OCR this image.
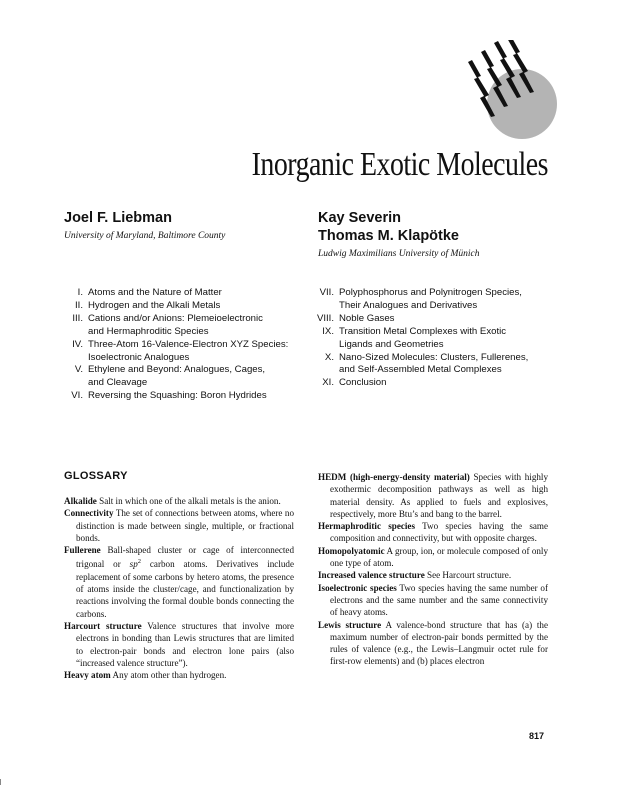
Inorganic Exotic Molecules
Joel F. Liebman
University of Maryland, Baltimore County
Kay Severin
Thomas M. Klapötke
Ludwig Maximilians University of Münich
I. Atoms and the Nature of Matter
II. Hydrogen and the Alkali Metals
III. Cations and/or Anions: Plemeioelectronic
and Hermaphroditic Species
IV. Three-Atom 16-Valence-Electron XYZ Species:
Isoelectronic Analogues
V. Ethylene and Beyond: Analogues, Cages,
and Cleavage
VI. Reversing the Squashing: Boron Hydrides
VII. Polyphosphorus and Polynitrogen Species,
Their Analogues and Derivatives
VIII. Noble Gases
IX. Transition Metal Complexes with Exotic
Ligands and Geometries
X. Nano-Sized Molecules: Clusters, Fullerenes,
and Self-Assembled Metal Complexes
XI. Conclusion
GLOSSARY

Alkalide Salt in which one of the alkali metals is the anion.

Connectivity The set of connections between atoms, where no distinction is made between single, multiple, or fractional bonds.

Fullerene Ball-shaped cluster or cage of interconnected trigonal or $sp^2$ carbon atoms. Derivatives include replacement of some carbons by hetero atoms, the presence of atoms inside the cluster/cage, and functionalization by reactions involving the formal double bonds connecting the carbons.

Harcourt structure Valence structures that involve more electrons in bonding than Lewis structures that are limited to electron-pair bonds and electron lone pairs (also “increased valence structure”).

Heavy atom Any atom other than hydrogen.

HEDM (high-energy-density material) Species with highly exothermic decomposition pathways as well as high material density. As applied to fuels and explosives, respectively, more Btu’s and bang to the barrel.

Hermaphroditic species Two species having the same composition and connectivity, but with opposite charges.

Homopolyatomic A group, ion, or molecule composed of only one type of atom.

Increased valence structure See Harcourt structure.

Isoelectronic species Two species having the same number of electrons and the same number and the same connectivity of heavy atoms.

Lewis structure A valence-bond structure that has (a) the maximum number of electron-pair bonds permitted by the rules of valence (e.g., the Lewis–Langmuir octet rule for first-row elements) and (b) places electron

817
